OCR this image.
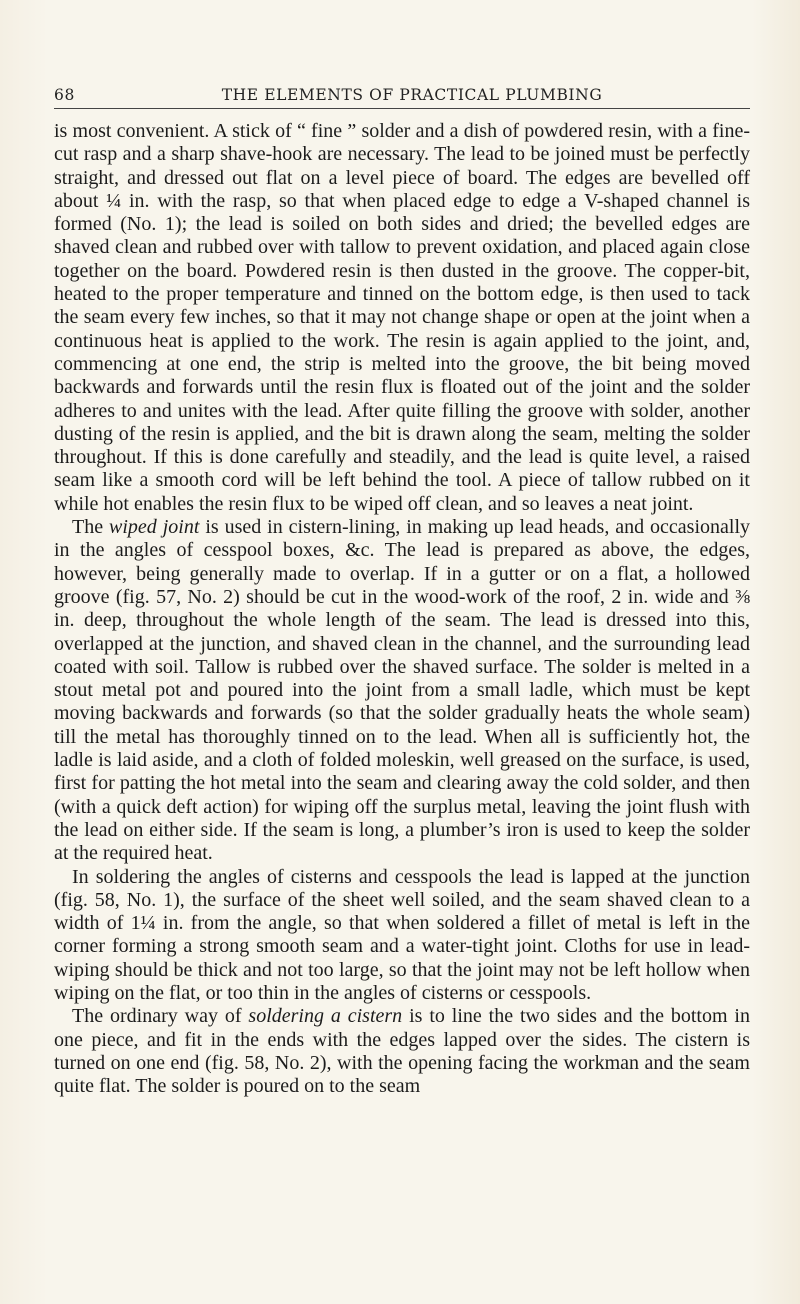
68	THE ELEMENTS OF PRACTICAL PLUMBING

is most convenient. A stick of “ fine ” solder and a dish of powdered resin, with a fine-cut rasp and a sharp shave-hook are necessary. The lead to be joined must be perfectly straight, and dressed out flat on a level piece of board. The edges are bevelled off about ¼ in. with the rasp, so that when placed edge to edge a V-shaped channel is formed (No. 1); the lead is soiled on both sides and dried; the bevelled edges are shaved clean and rubbed over with tallow to prevent oxidation, and placed again close together on the board. Powdered resin is then dusted in the groove. The copper-bit, heated to the proper temperature and tinned on the bottom edge, is then used to tack the seam every few inches, so that it may not change shape or open at the joint when a continuous heat is applied to the work. The resin is again applied to the joint, and, commencing at one end, the strip is melted into the groove, the bit being moved backwards and forwards until the resin flux is floated out of the joint and the solder adheres to and unites with the lead. After quite filling the groove with solder, another dusting of the resin is applied, and the bit is drawn along the seam, melting the solder throughout. If this is done carefully and steadily, and the lead is quite level, a raised seam like a smooth cord will be left behind the tool. A piece of tallow rubbed on it while hot enables the resin flux to be wiped off clean, and so leaves a neat joint.

The wiped joint is used in cistern-lining, in making up lead heads, and occasionally in the angles of cesspool boxes, &c. The lead is prepared as above, the edges, however, being generally made to overlap. If in a gutter or on a flat, a hollowed groove (fig. 57, No. 2) should be cut in the wood-work of the roof, 2 in. wide and ⅜ in. deep, throughout the whole length of the seam. The lead is dressed into this, overlapped at the junction, and shaved clean in the channel, and the surrounding lead coated with soil. Tallow is rubbed over the shaved surface. The solder is melted in a stout metal pot and poured into the joint from a small ladle, which must be kept moving backwards and forwards (so that the solder gradually heats the whole seam) till the metal has thoroughly tinned on to the lead. When all is sufficiently hot, the ladle is laid aside, and a cloth of folded moleskin, well greased on the surface, is used, first for patting the hot metal into the seam and clearing away the cold solder, and then (with a quick deft action) for wiping off the surplus metal, leaving the joint flush with the lead on either side. If the seam is long, a plumber’s iron is used to keep the solder at the required heat.

In soldering the angles of cisterns and cesspools the lead is lapped at the junction (fig. 58, No. 1), the surface of the sheet well soiled, and the seam shaved clean to a width of 1¼ in. from the angle, so that when soldered a fillet of metal is left in the corner forming a strong smooth seam and a water-tight joint. Cloths for use in lead-wiping should be thick and not too large, so that the joint may not be left hollow when wiping on the flat, or too thin in the angles of cisterns or cesspools.

The ordinary way of soldering a cistern is to line the two sides and the bottom in one piece, and fit in the ends with the edges lapped over the sides. The cistern is turned on one end (fig. 58, No. 2), with the opening facing the workman and the seam quite flat. The solder is poured on to the seam
